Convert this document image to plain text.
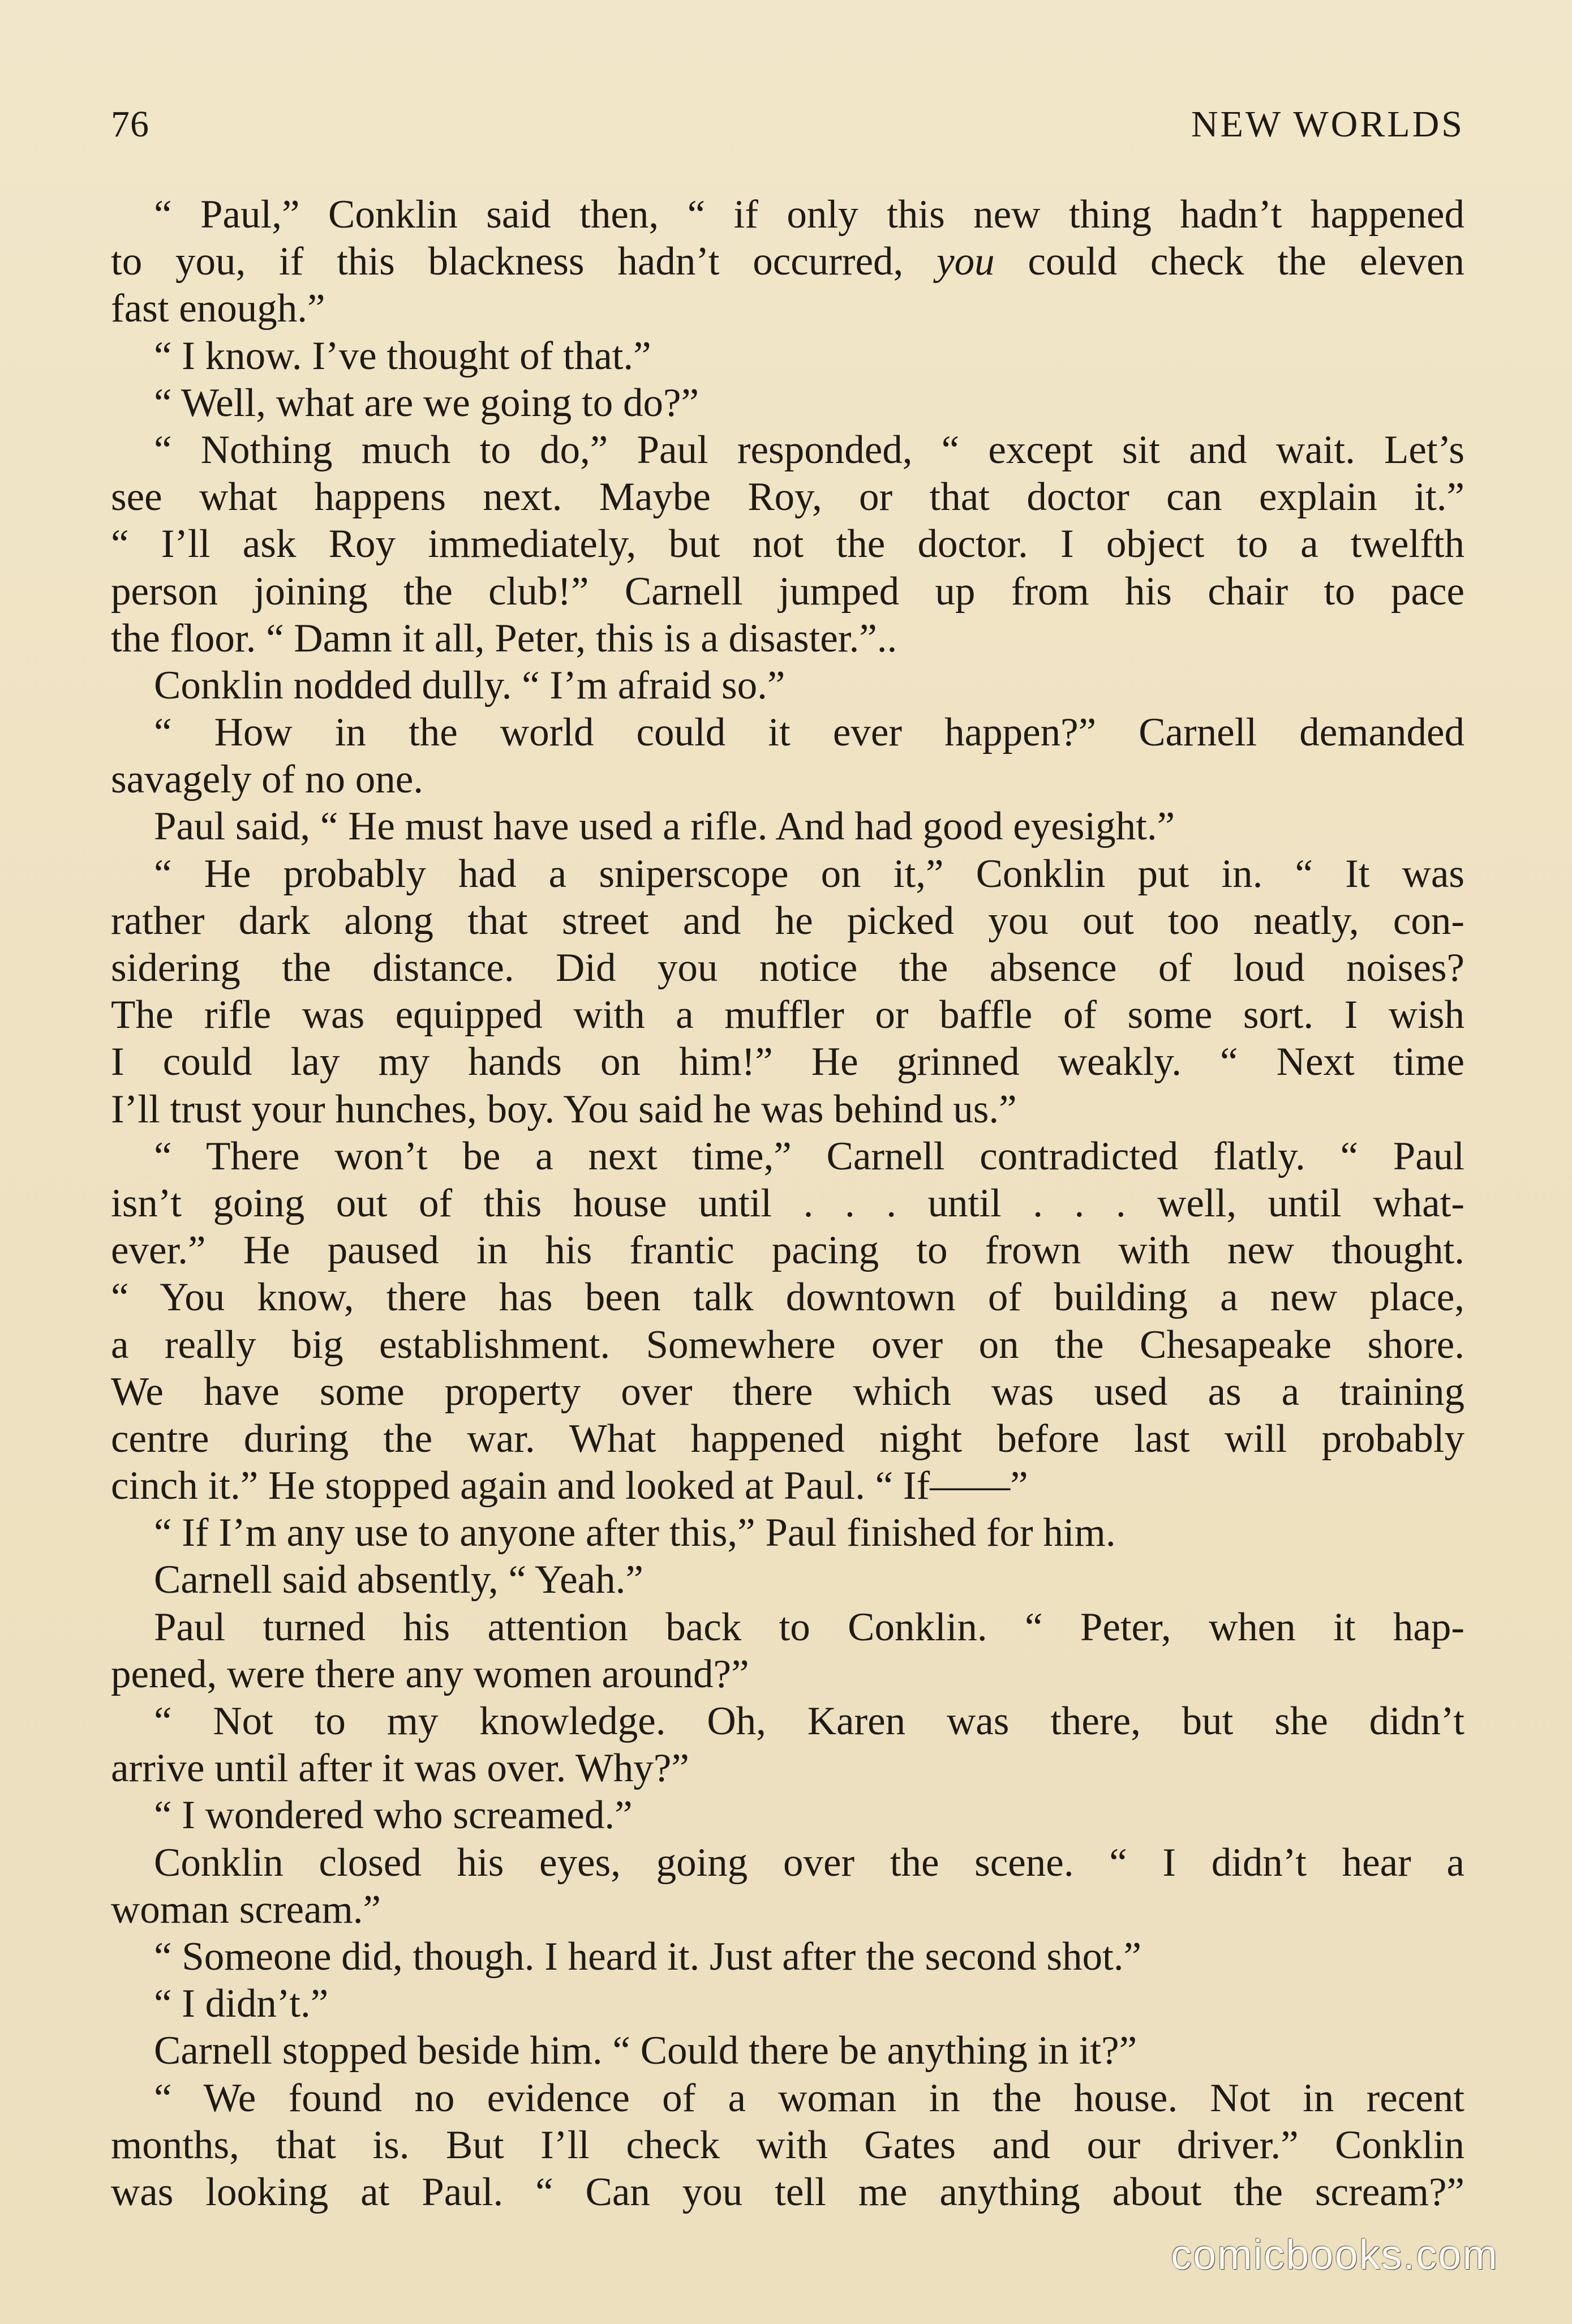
76	NEW WORLDS
“ Paul,” Conklin said then, “ if only this new thing hadn’t happened
to you, if this blackness hadn’t occurred, you could check the eleven
fast enough.”
“ I know. I’ve thought of that.”
“ Well, what are we going to do?”
“ Nothing much to do,” Paul responded, “ except sit and wait. Let’s
see what happens next. Maybe Roy, or that doctor can explain it.”
“ I’ll ask Roy immediately, but not the doctor. I object to a twelfth
person joining the club!” Carnell jumped up from his chair to pace
the floor. “ Damn it all, Peter, this is a disaster.”..
Conklin nodded dully. “ I’m afraid so.”
“ How in the world could it ever happen?” Carnell demanded
savagely of no one.
Paul said, “ He must have used a rifle. And had good eyesight.”
“ He probably had a sniperscope on it,” Conklin put in. “ It was
rather dark along that street and he picked you out too neatly, con-
sidering the distance. Did you notice the absence of loud noises?
The rifle was equipped with a muffler or baffle of some sort. I wish
I could lay my hands on him!” He grinned weakly. “ Next time
I’ll trust your hunches, boy. You said he was behind us.”
“ There won’t be a next time,” Carnell contradicted flatly. “ Paul
isn’t going out of this house until . . . until . . . well, until what-
ever.” He paused in his frantic pacing to frown with new thought.
“ You know, there has been talk downtown of building a new place,
a really big establishment. Somewhere over on the Chesapeake shore.
We have some property over there which was used as a training
centre during the war. What happened night before last will probably
cinch it.” He stopped again and looked at Paul. “ If——”
“ If I’m any use to anyone after this,” Paul finished for him.
Carnell said absently, “ Yeah.”
Paul turned his attention back to Conklin. “ Peter, when it hap-
pened, were there any women around?”
“ Not to my knowledge. Oh, Karen was there, but she didn’t
arrive until after it was over. Why?”
“ I wondered who screamed.”
Conklin closed his eyes, going over the scene. “ I didn’t hear a
woman scream.”
“ Someone did, though. I heard it. Just after the second shot.”
“ I didn’t.”
Carnell stopped beside him. “ Could there be anything in it?”
“ We found no evidence of a woman in the house. Not in recent
months, that is. But I’ll check with Gates and our driver.” Conklin
was looking at Paul. “ Can you tell me anything about the scream?”
comicbooks.com
